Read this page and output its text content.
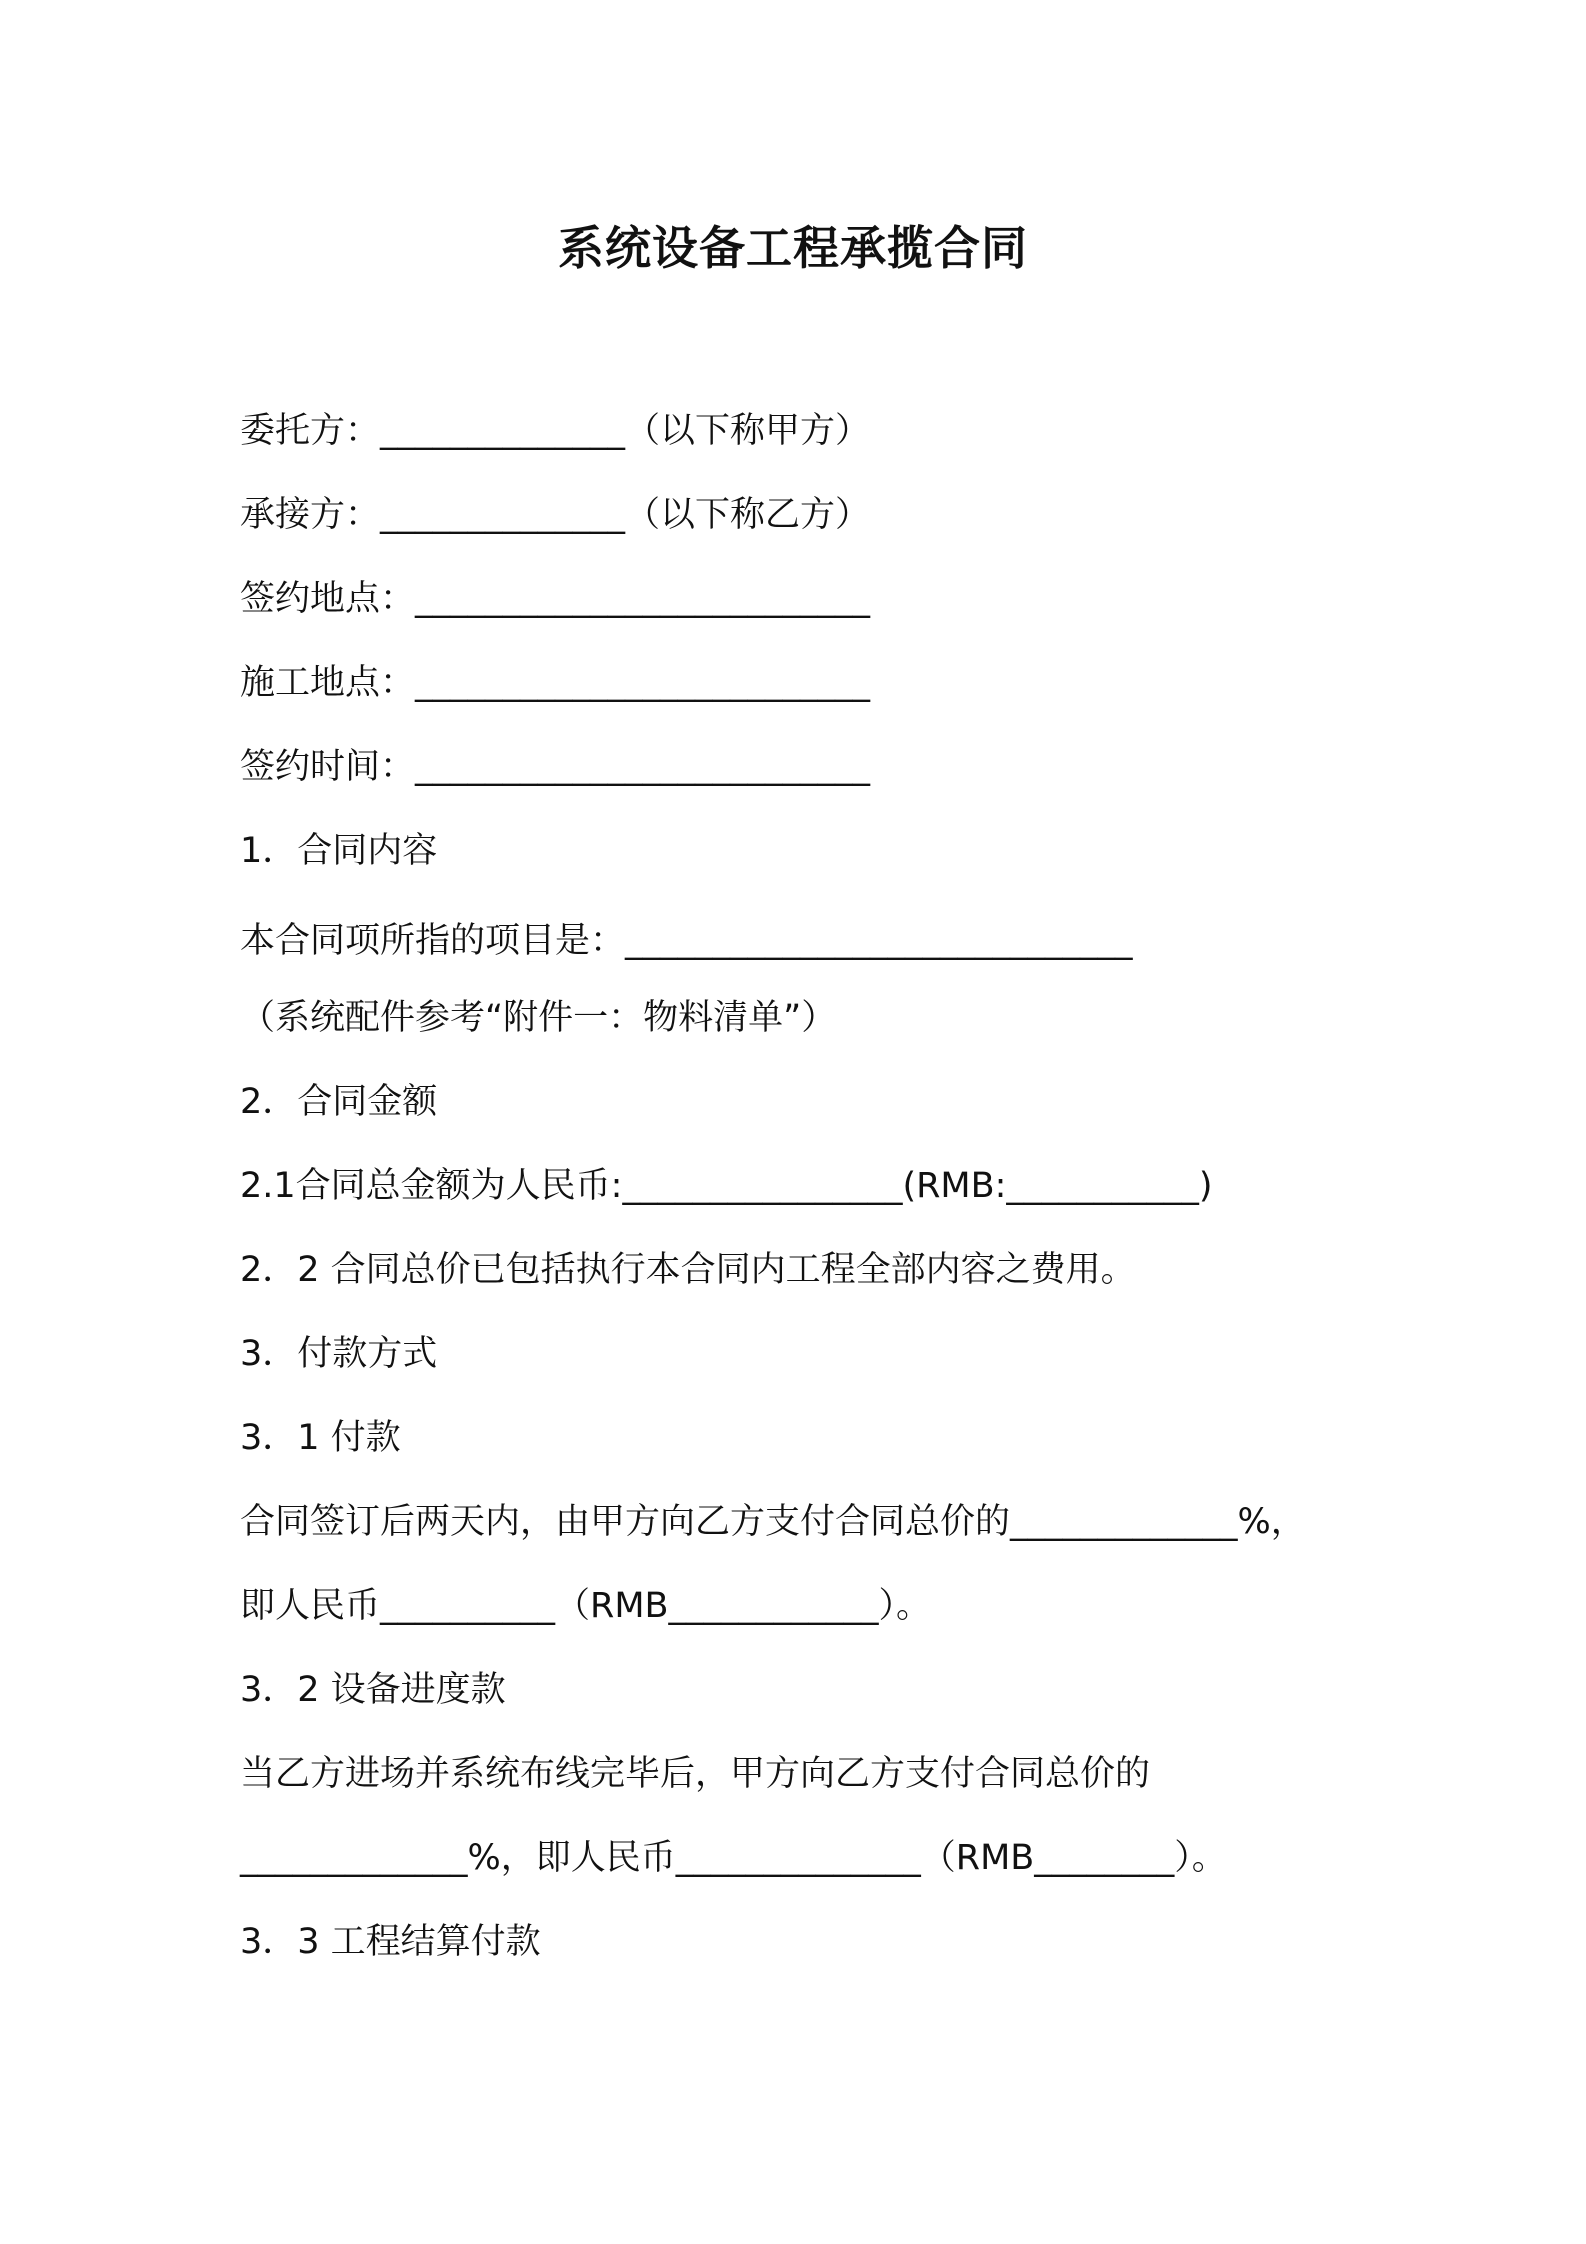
系统设备工程承揽合同
委托方：______________（以下称甲方）
承接方：______________（以下称乙方）
签约地点：__________________________
施工地点：__________________________
签约时间：__________________________
1．合同内容
本合同项所指的项目是：_____________________________
（系统配件参考“附件一：物料清单”）
2．合同金额
2.1合同总金额为人民币:________________(RMB:___________)
2．2 合同总价已包括执行本合同内工程全部内容之费用。
3．付款方式
3．1 付款
合同签订后两天内，由甲方向乙方支付合同总价的_____________%，
即人民币__________（RMB____________）。
3．2 设备进度款
当乙方进场并系统布线完毕后，甲方向乙方支付合同总价的
_____________%，即人民币______________（RMB________）。
3．3 工程结算付款
